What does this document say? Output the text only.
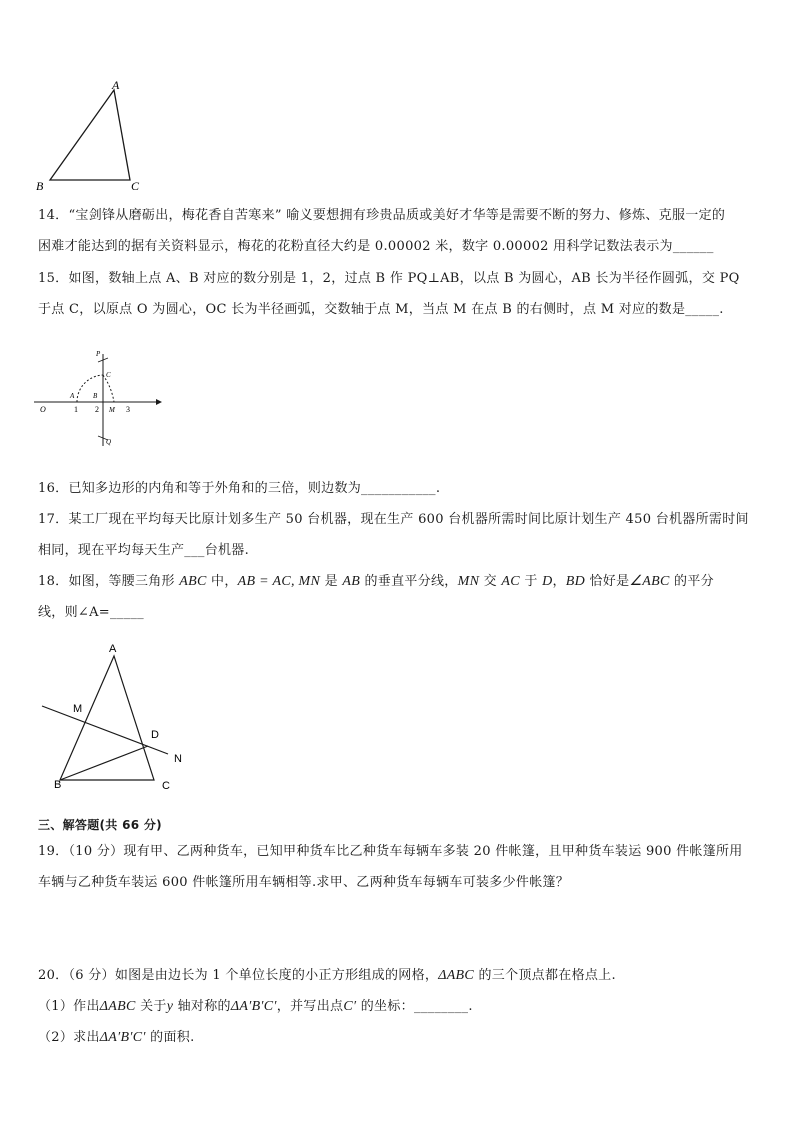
A
B	C
14．“宝剑锋从磨砺出，梅花香自苦寒来” 喻义要想拥有珍贵品质或美好才华等是需要不断的努力、修炼、克服一定的
困难才能达到的据有关资料显示，梅花的花粉直径大约是 0.00002 米，数字 0.00002 用科学记数法表示为______
15．如图，数轴上点 A、B 对应的数分别是 1，2，过点 B 作 PQ⊥AB，以点 B 为圆心，AB 长为半径作圆弧，交 PQ
于点 C，以原点 O 为圆心，OC 长为半径画弧，交数轴于点 M，当点 M 在点 B 的右侧时，点 M 对应的数是_____.
O	1 2	3
A	B
C
M
P
Q
16．已知多边形的内角和等于外角和的三倍，则边数为___________.
17．某工厂现在平均每天比原计划多生产 50 台机器，现在生产 600 台机器所需时间比原计划生产 450 台机器所需时间
相同，现在平均每天生产___台机器.
18．如图，等腰三角形 ABC 中，AB = AC, MN 是 AB 的垂直平分线，MN 交 AC 于 D，BD 恰好是∠ABC 的平分
线，则∠A=_____
A
M
D
N
B	C
三、解答题(共 66 分)
19．（10 分）现有甲、乙两种货车，已知甲种货车比乙种货车每辆车多装 20 件帐篷，且甲种货车装运 900 件帐篷所用
车辆与乙种货车装运 600 件帐篷所用车辆相等.求甲、乙两种货车每辆车可装多少件帐篷？
20．（6 分）如图是由边长为 1 个单位长度的小正方形组成的网格，ΔABC 的三个顶点都在格点上.
（1）作出ΔABC 关于y 轴对称的ΔA′B′C′，并写出点C′ 的坐标：________.
（2）求出ΔA′B′C′ 的面积.
